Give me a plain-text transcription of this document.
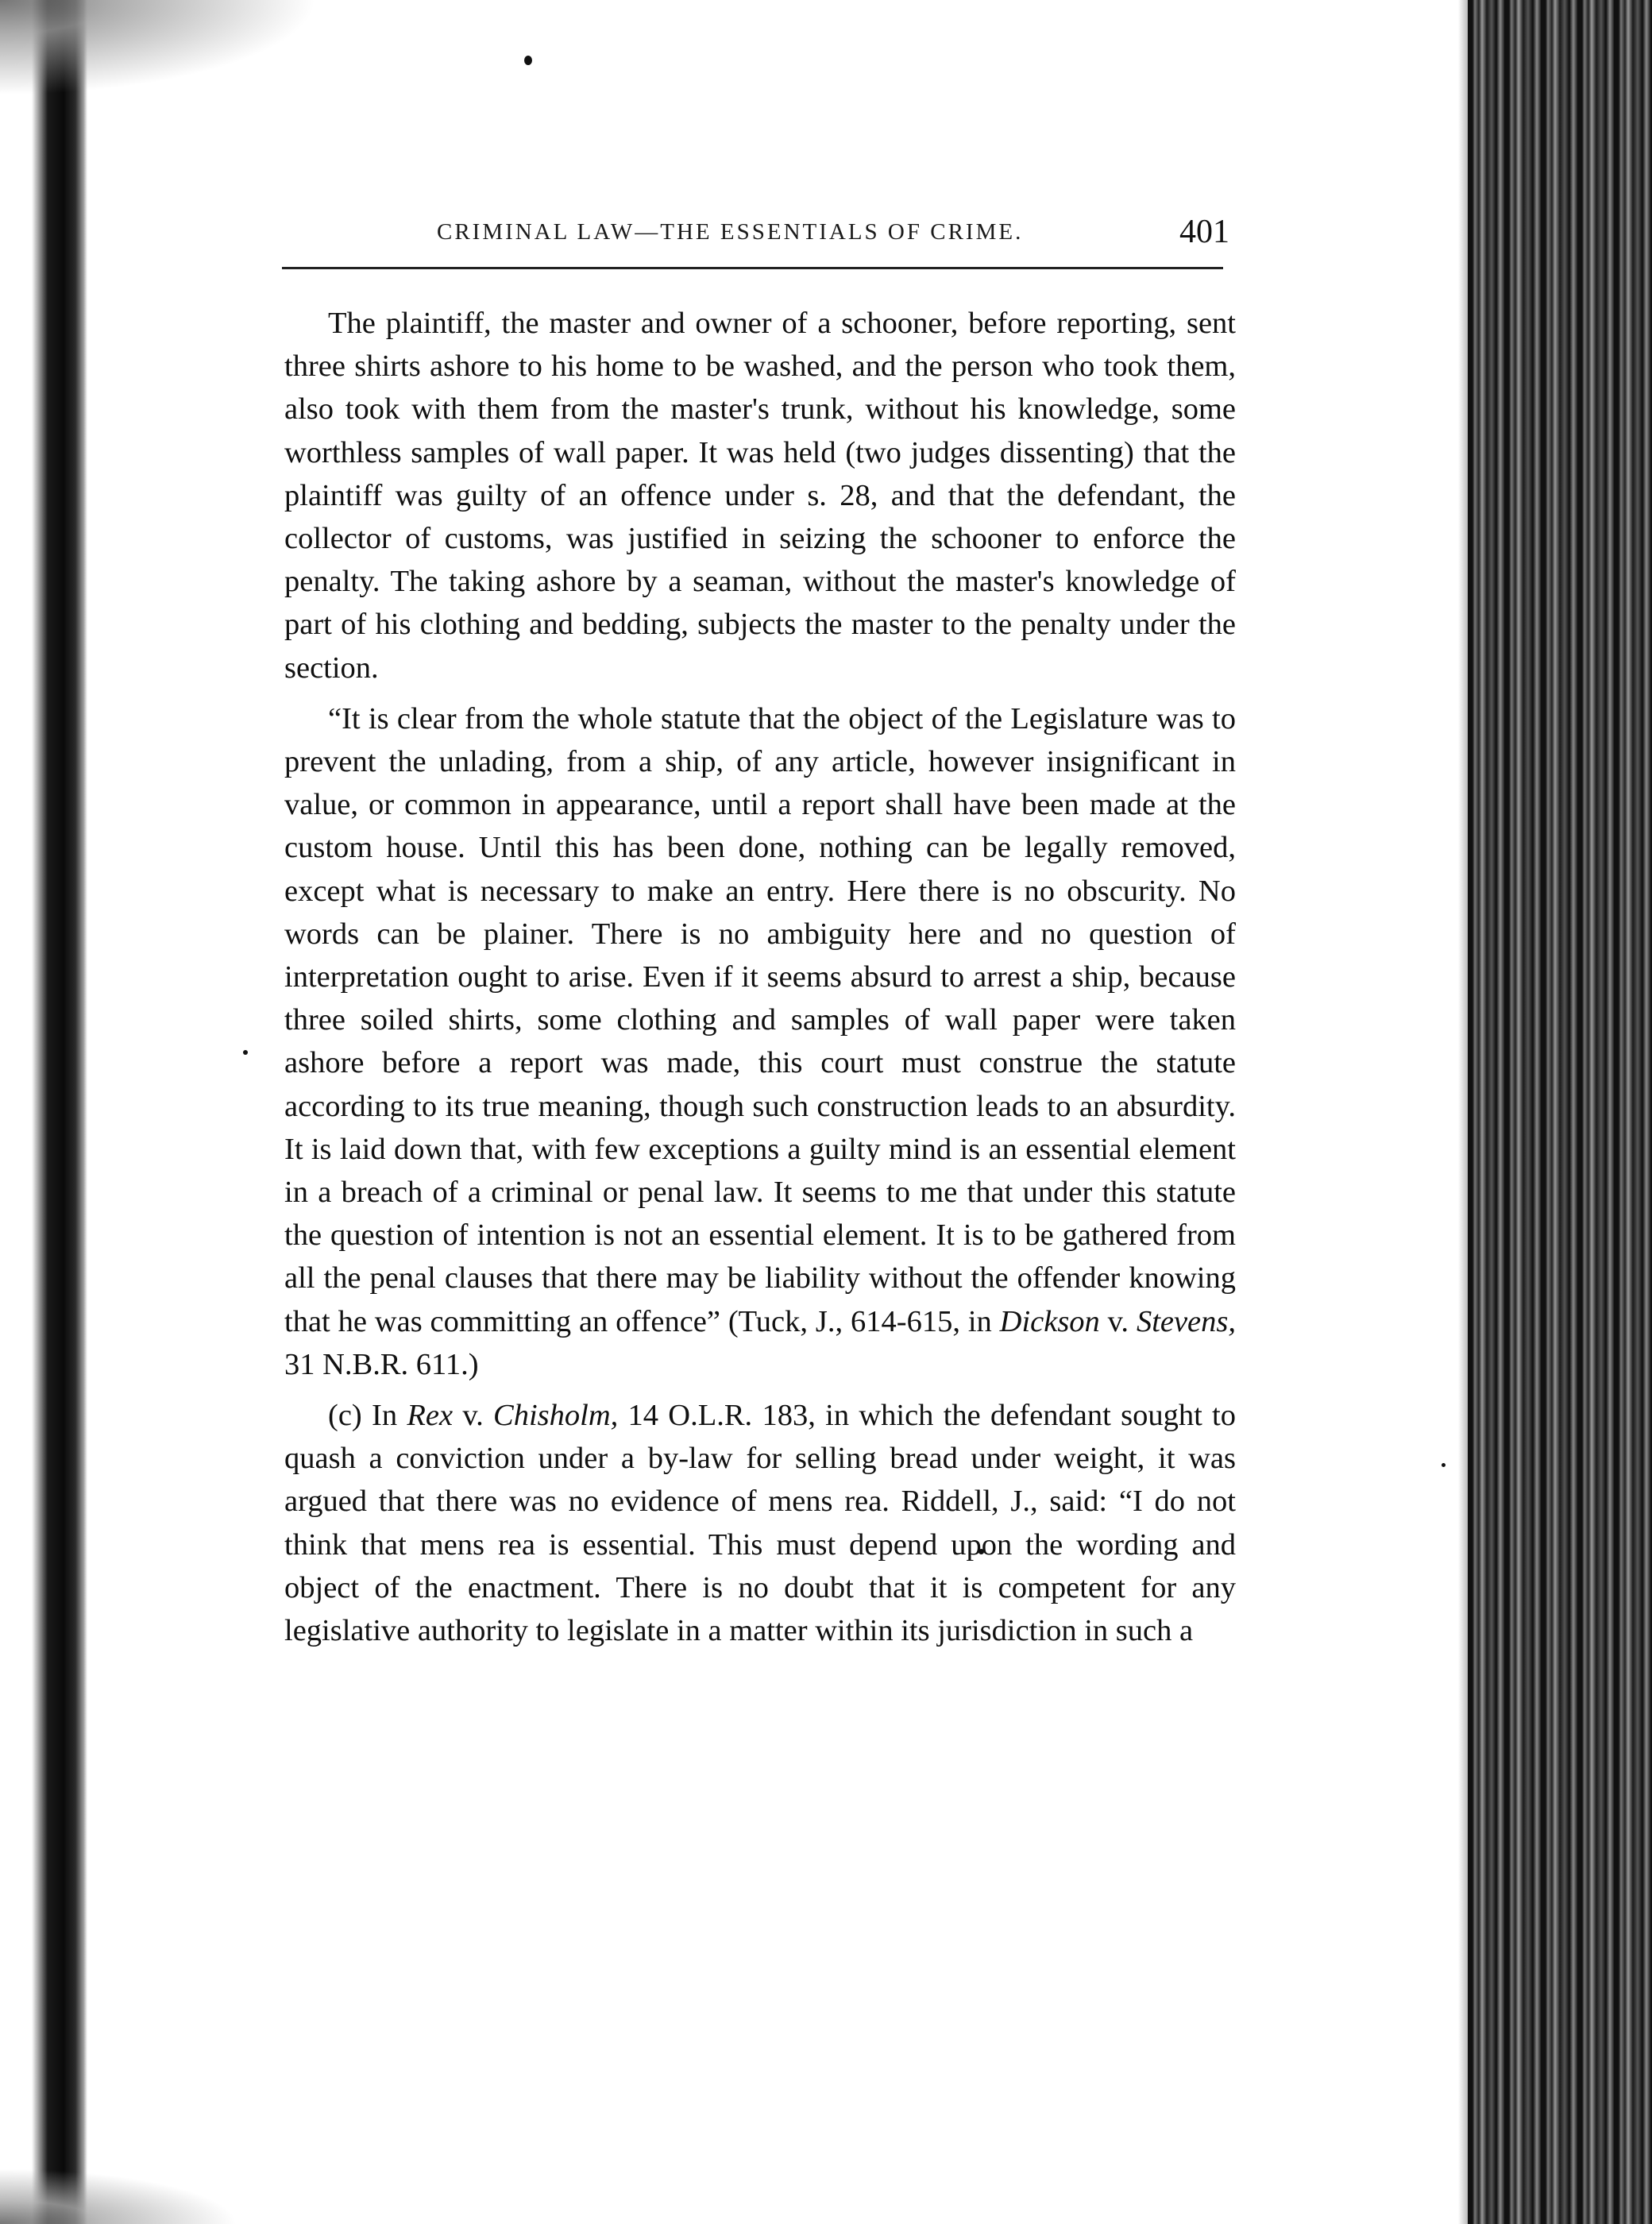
CRIMINAL LAW—THE ESSENTIALS OF CRIME.	401

The plaintiff, the master and owner of a schooner, before reporting, sent three shirts ashore to his home to be washed, and the person who took them, also took with them from the master's trunk, without his knowledge, some worthless samples of wall paper. It was held (two judges dissenting) that the plaintiff was guilty of an offence under s. 28, and that the defendant, the collector of customs, was justified in seizing the schooner to enforce the penalty. The taking ashore by a seaman, without the master's knowledge of part of his clothing and bedding, subjects the master to the penalty under the section.

“It is clear from the whole statute that the object of the Legislature was to prevent the unlading, from a ship, of any article, however insignificant in value, or common in appearance, until a report shall have been made at the custom house. Until this has been done, nothing can be legally removed, except what is necessary to make an entry. Here there is no obscurity. No words can be plainer. There is no ambiguity here and no question of interpretation ought to arise. Even if it seems absurd to arrest a ship, because three soiled shirts, some clothing and samples of wall paper were taken ashore before a report was made, this court must construe the statute according to its true meaning, though such construction leads to an absurdity. It is laid down that, with few exceptions a guilty mind is an essential element in a breach of a criminal or penal law. It seems to me that under this statute the question of intention is not an essential element. It is to be gathered from all the penal clauses that there may be liability without the offender knowing that he was committing an offence” (Tuck, J., 614-615, in Dickson v. Stevens, 31 N.B.R. 611.)

(c) In Rex v. Chisholm, 14 O.L.R. 183, in which the defendant sought to quash a conviction under a by-law for selling bread under weight, it was argued that there was no evidence of mens rea. Riddell, J., said: “I do not think that mens rea is essential. This must depend upon the wording and object of the enactment. There is no doubt that it is competent for any legislative authority to legislate in a matter within its jurisdiction in such a
